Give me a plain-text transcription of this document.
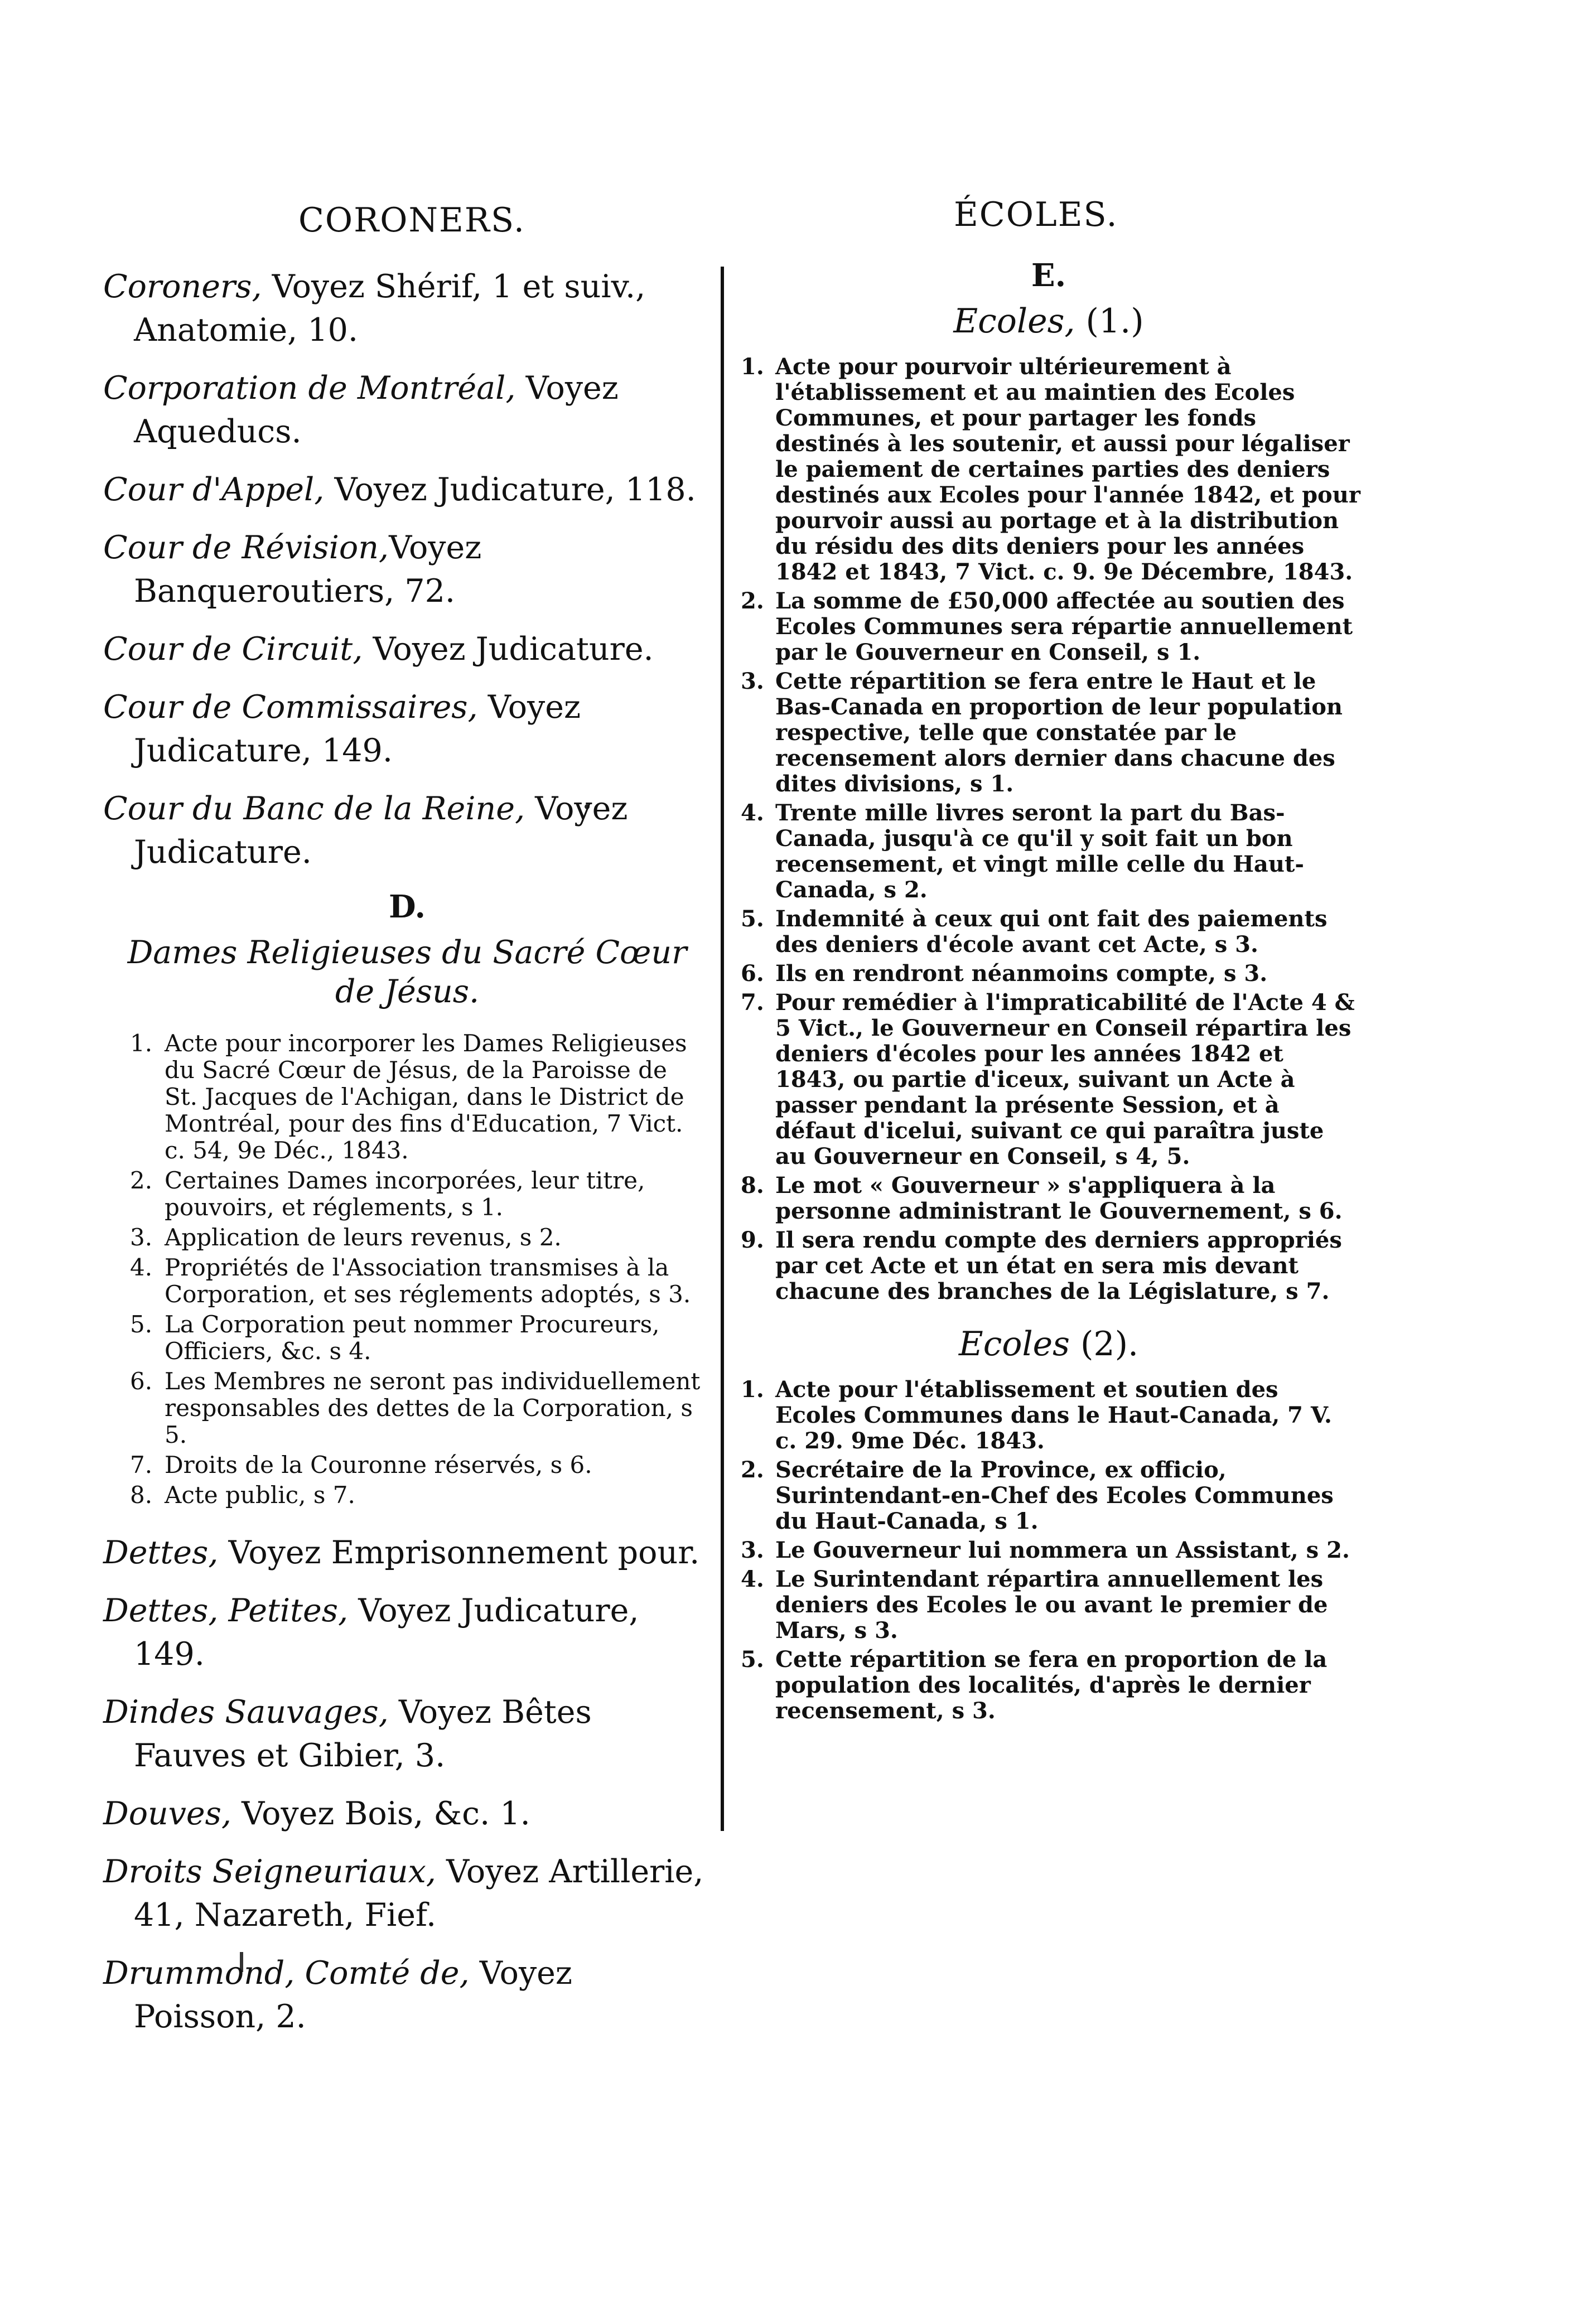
CORONERS.	ÉCOLES.
Coroners, Voyez Shérif, 1 et suiv., Anatomie, 10.
Corporation de Montréal, Voyez Aqueducs.
Cour d'Appel, Voyez Judicature, 118.
Cour de Révision,Voyez Banqueroutiers, 72.
Cour de Circuit, Voyez Judicature.
Cour de Commissaires, Voyez Judicature, 149.
Cour du Banc de la Reine, Voyez Judicature.
D.
Dames Religieuses du Sacré Cœur de Jésus.
1. Acte pour incorporer les Dames Religieuses du Sacré Cœur de Jésus, de la Paroisse de St. Jacques de l'Achigan, dans le District de Montréal, pour des fins d'Education, 7 Vict. c. 54, 9e Déc., 1843.
2. Certaines Dames incorporées, leur titre, pouvoirs, et réglements, s 1.
3. Application de leurs revenus, s 2.
4. Propriétés de l'Association transmises à la Corporation, et ses réglements adoptés, s 3.
5. La Corporation peut nommer Procureurs, Officiers, &c. s 4.
6. Les Membres ne seront pas individuellement responsables des dettes de la Corporation, s 5.
7. Droits de la Couronne réservés, s 6.
8. Acte public, s 7.
Dettes, Voyez Emprisonnement pour.
Dettes, Petites, Voyez Judicature, 149.
Dindes Sauvages, Voyez Bêtes Fauves et Gibier, 3.
Douves, Voyez Bois, &c. 1.
Droits Seigneuriaux, Voyez Artillerie, 41, Nazareth, Fief.
Drummond, Comté de, Voyez Poisson, 2.
E.
Ecoles, (1.)
1. Acte pour pourvoir ultérieurement à l'établissement et au maintien des Ecoles Communes, et pour partager les fonds destinés à les soutenir, et aussi pour légaliser le paiement de certaines parties des deniers destinés aux Ecoles pour l'année 1842, et pour pourvoir aussi au portage et à la distribution du résidu des dits deniers pour les années 1842 et 1843, 7 Vict. c. 9. 9e Décembre, 1843.
2. La somme de £50,000 affectée au soutien des Ecoles Communes sera répartie annuellement par le Gouverneur en Conseil, s 1.
3. Cette répartition se fera entre le Haut et le Bas-Canada en proportion de leur population respective, telle que constatée par le recensement alors dernier dans chacune des dites divisions, s 1.
4. Trente mille livres seront la part du Bas-Canada, jusqu'à ce qu'il y soit fait un bon recensement, et vingt mille celle du Haut-Canada, s 2.
5. Indemnité à ceux qui ont fait des paiements des deniers d'école avant cet Acte, s 3.
6. Ils en rendront néanmoins compte, s 3.
7. Pour remédier à l'impraticabilité de l'Acte 4 & 5 Vict., le Gouverneur en Conseil répartira les deniers d'écoles pour les années 1842 et 1843, ou partie d'iceux, suivant un Acte à passer pendant la présente Session, et à défaut d'icelui, suivant ce qui paraîtra juste au Gouverneur en Conseil, s 4, 5.
8. Le mot « Gouverneur » s'appliquera à la personne administrant le Gouvernement, s 6.
9. Il sera rendu compte des derniers appropriés par cet Acte et un état en sera mis devant chacune des branches de la Législature, s 7.
Ecoles (2).
1. Acte pour l'établissement et soutien des Ecoles Communes dans le Haut-Canada, 7 V. c. 29. 9me Déc. 1843.
2. Secrétaire de la Province, ex officio, Surintendant-en-Chef des Ecoles Communes du Haut-Canada, s 1.
3. Le Gouverneur lui nommera un Assistant, s 2.
4. Le Surintendant répartira annuellement les deniers des Ecoles le ou avant le premier de Mars, s 3.
5. Cette répartition se fera en proportion de la population des localités, d'après le dernier recensement, s 3.
